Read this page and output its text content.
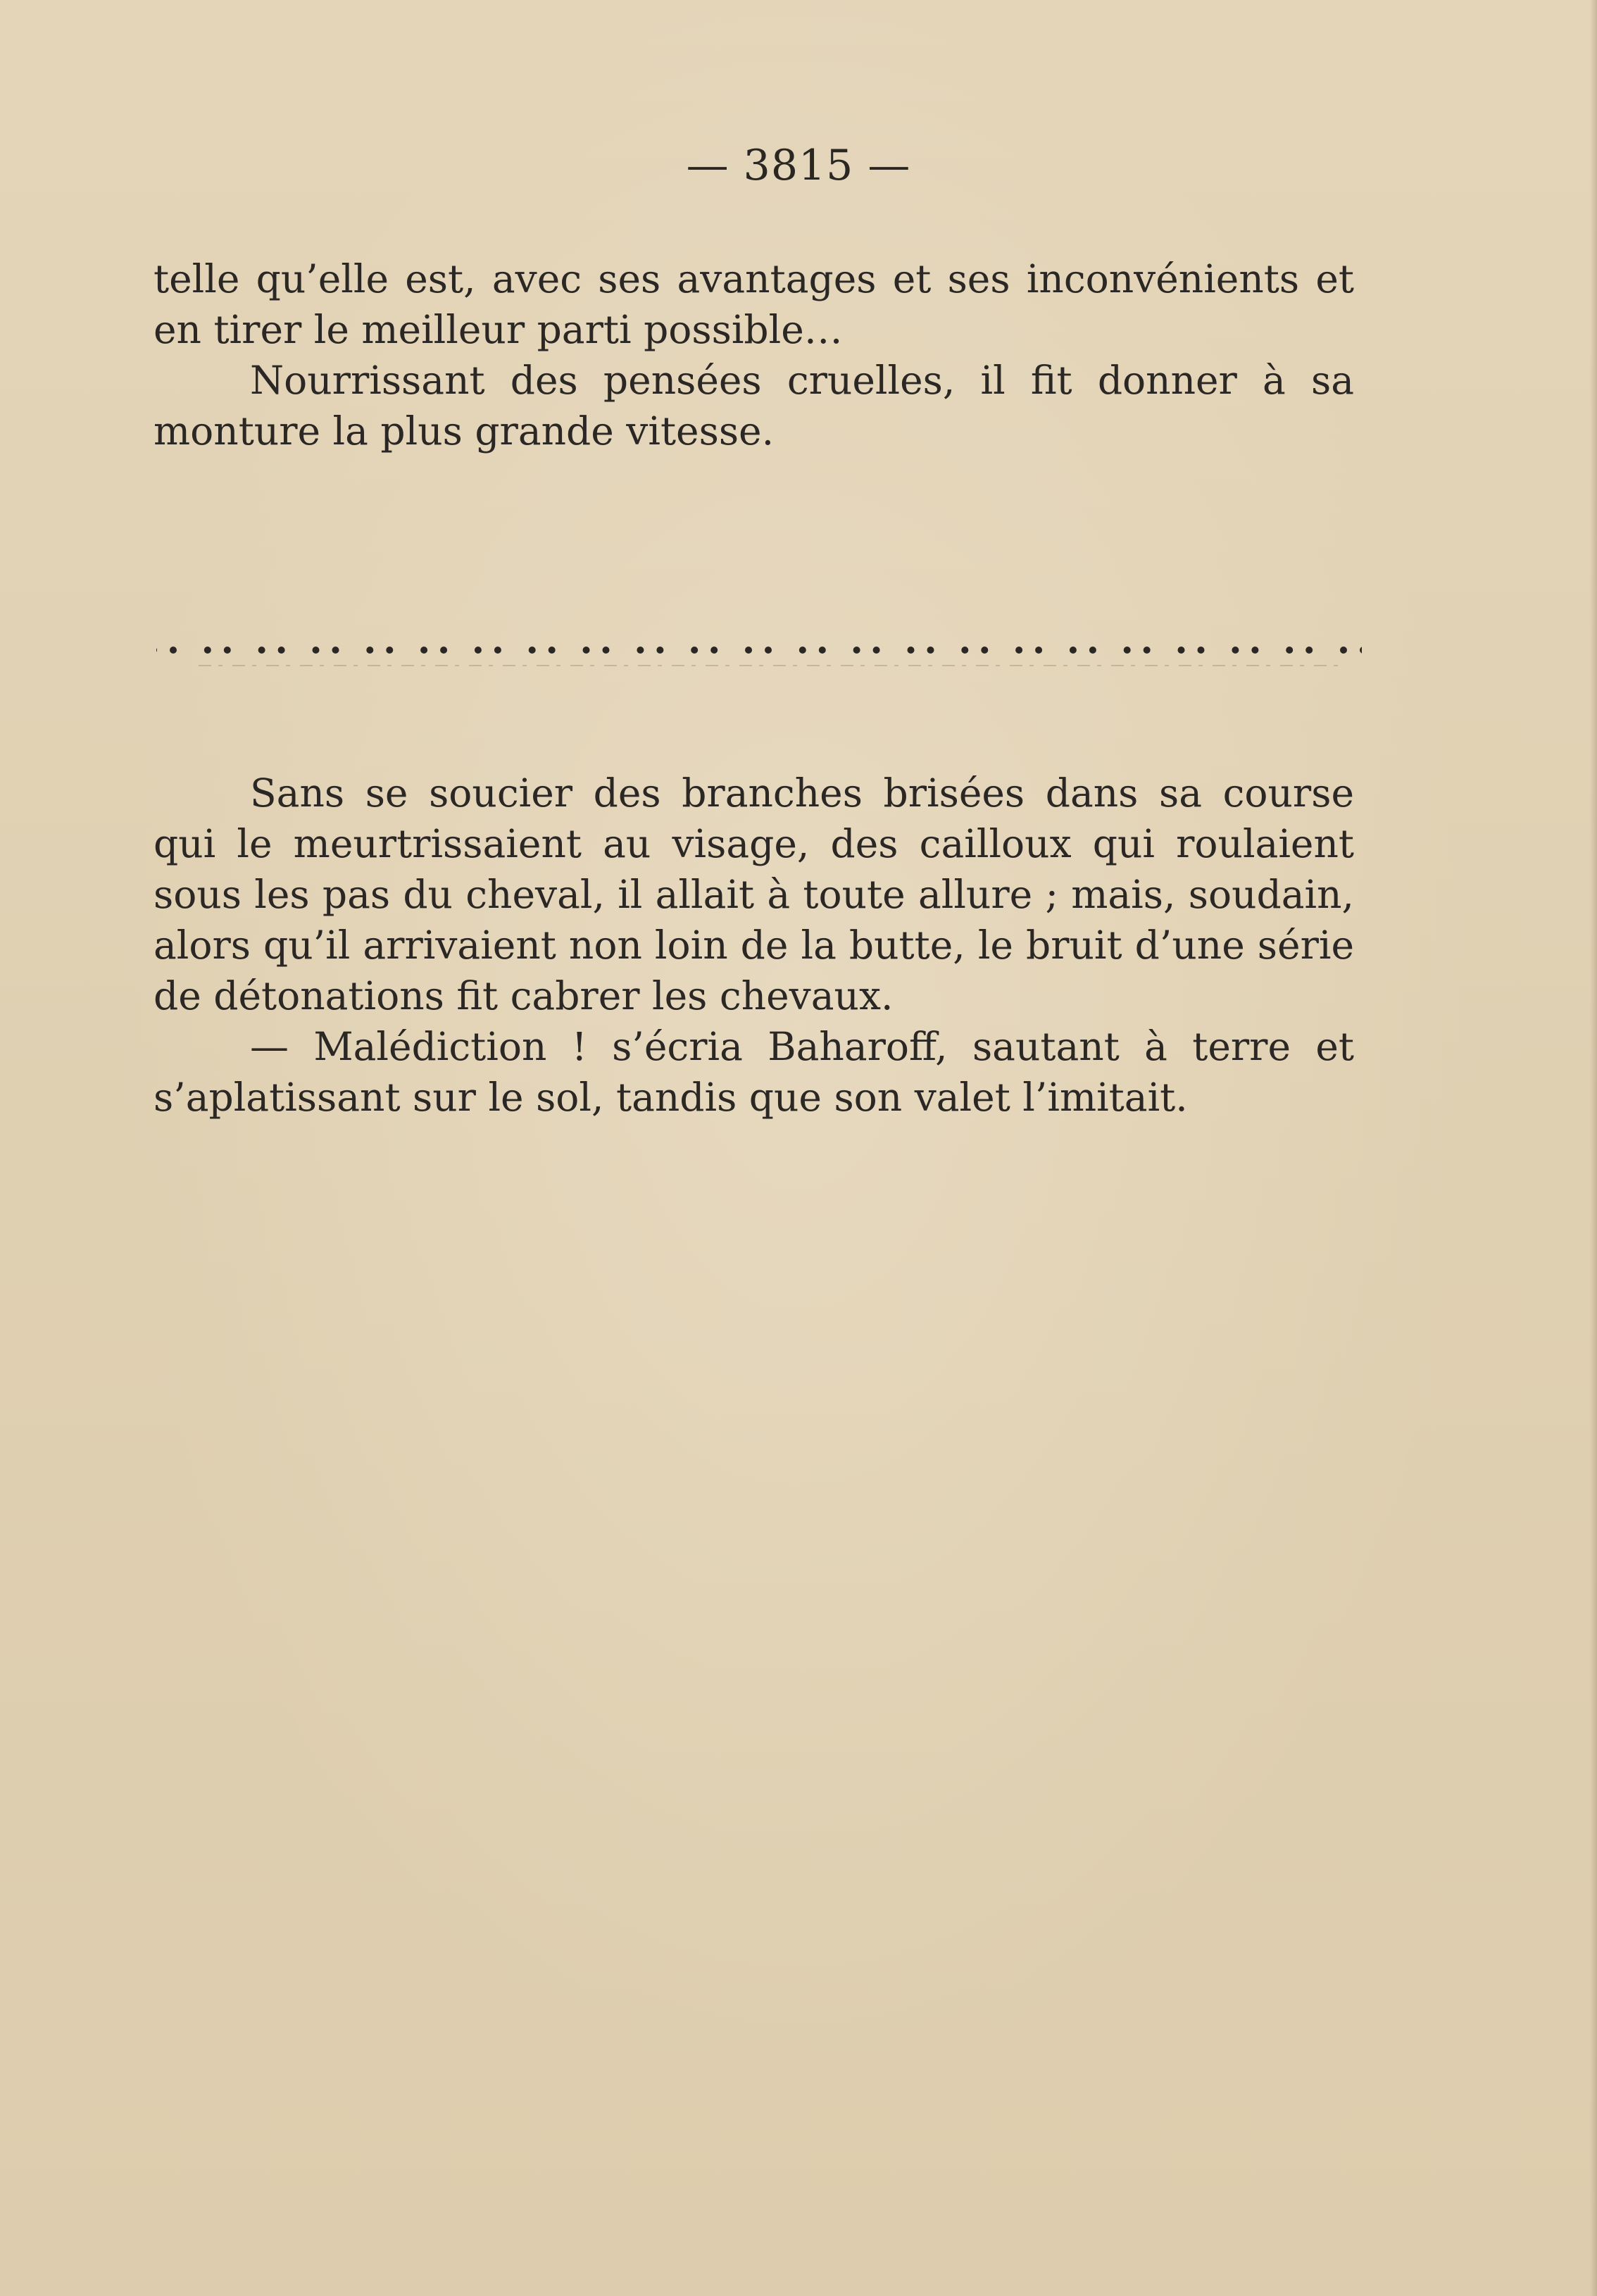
— 3815 —

telle qu’elle est, avec ses avantages et ses inconvénients et en tirer le meilleur parti possible…

Nourrissant des pensées cruelles, il fit donner à sa monture la plus grande vitesse.

Sans se soucier des branches brisées dans sa course qui le meurtrissaient au visage, des cailloux qui roulaient sous les pas du cheval, il allait à toute allure ; mais, soudain, alors qu’il arrivaient non loin de la butte, le bruit d’une série de détonations fit cabrer les chevaux.

— Malédiction ! s’écria Baharoff, sautant à terre et s’aplatissant sur le sol, tandis que son valet l’imitait.
